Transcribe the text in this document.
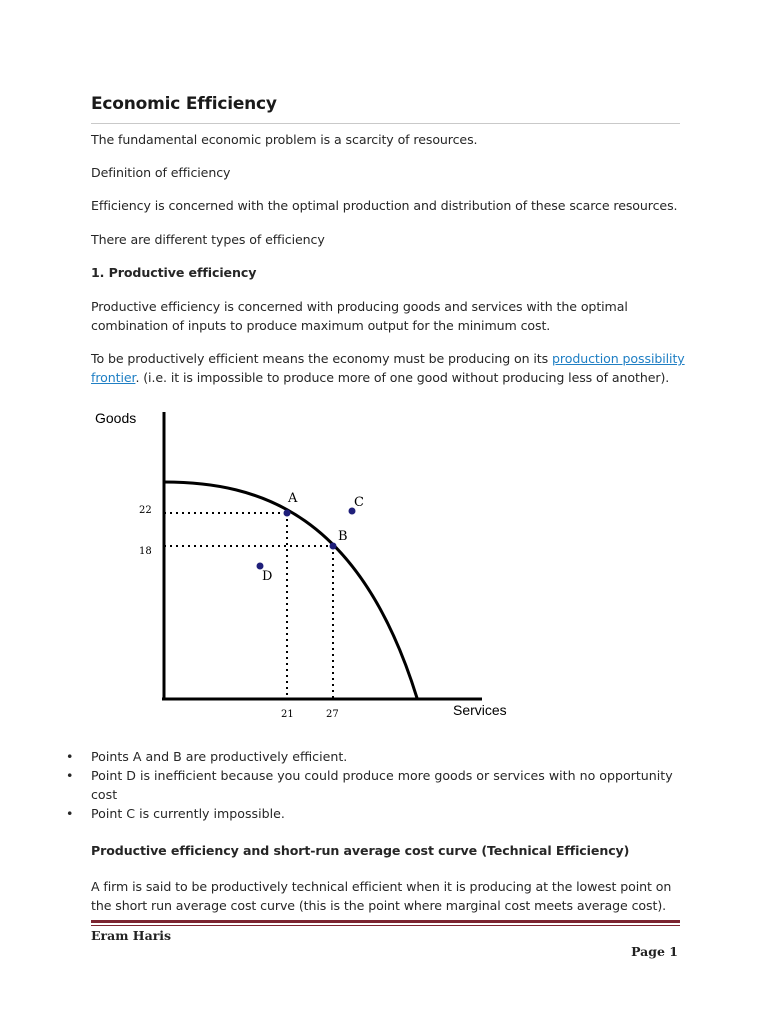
Economic Efficiency

The fundamental economic problem is a scarcity of resources.

Definition of efficiency

Efficiency is concerned with the optimal production and distribution of these scarce resources.

There are different types of efficiency

1. Productive efficiency

Productive efficiency is concerned with producing goods and services with the optimal combination of inputs to produce maximum output for the minimum cost.

To be productively efficient means the economy must be producing on its production possibility frontier. (i.e. it is impossible to produce more of one good without producing less of another).

Goods
Services
22
18
21	27
A
B
C
D
• Points A and B are productively efficient.
• Point D is inefficient because you could produce more goods or services with no opportunity cost
• Point C is currently impossible.

Productive efficiency and short-run average cost curve (Technical Efficiency)

A firm is said to be productively technical efficient when it is producing at the lowest point on the short run average cost curve (this is the point where marginal cost meets average cost).

Eram Haris

Page 1
